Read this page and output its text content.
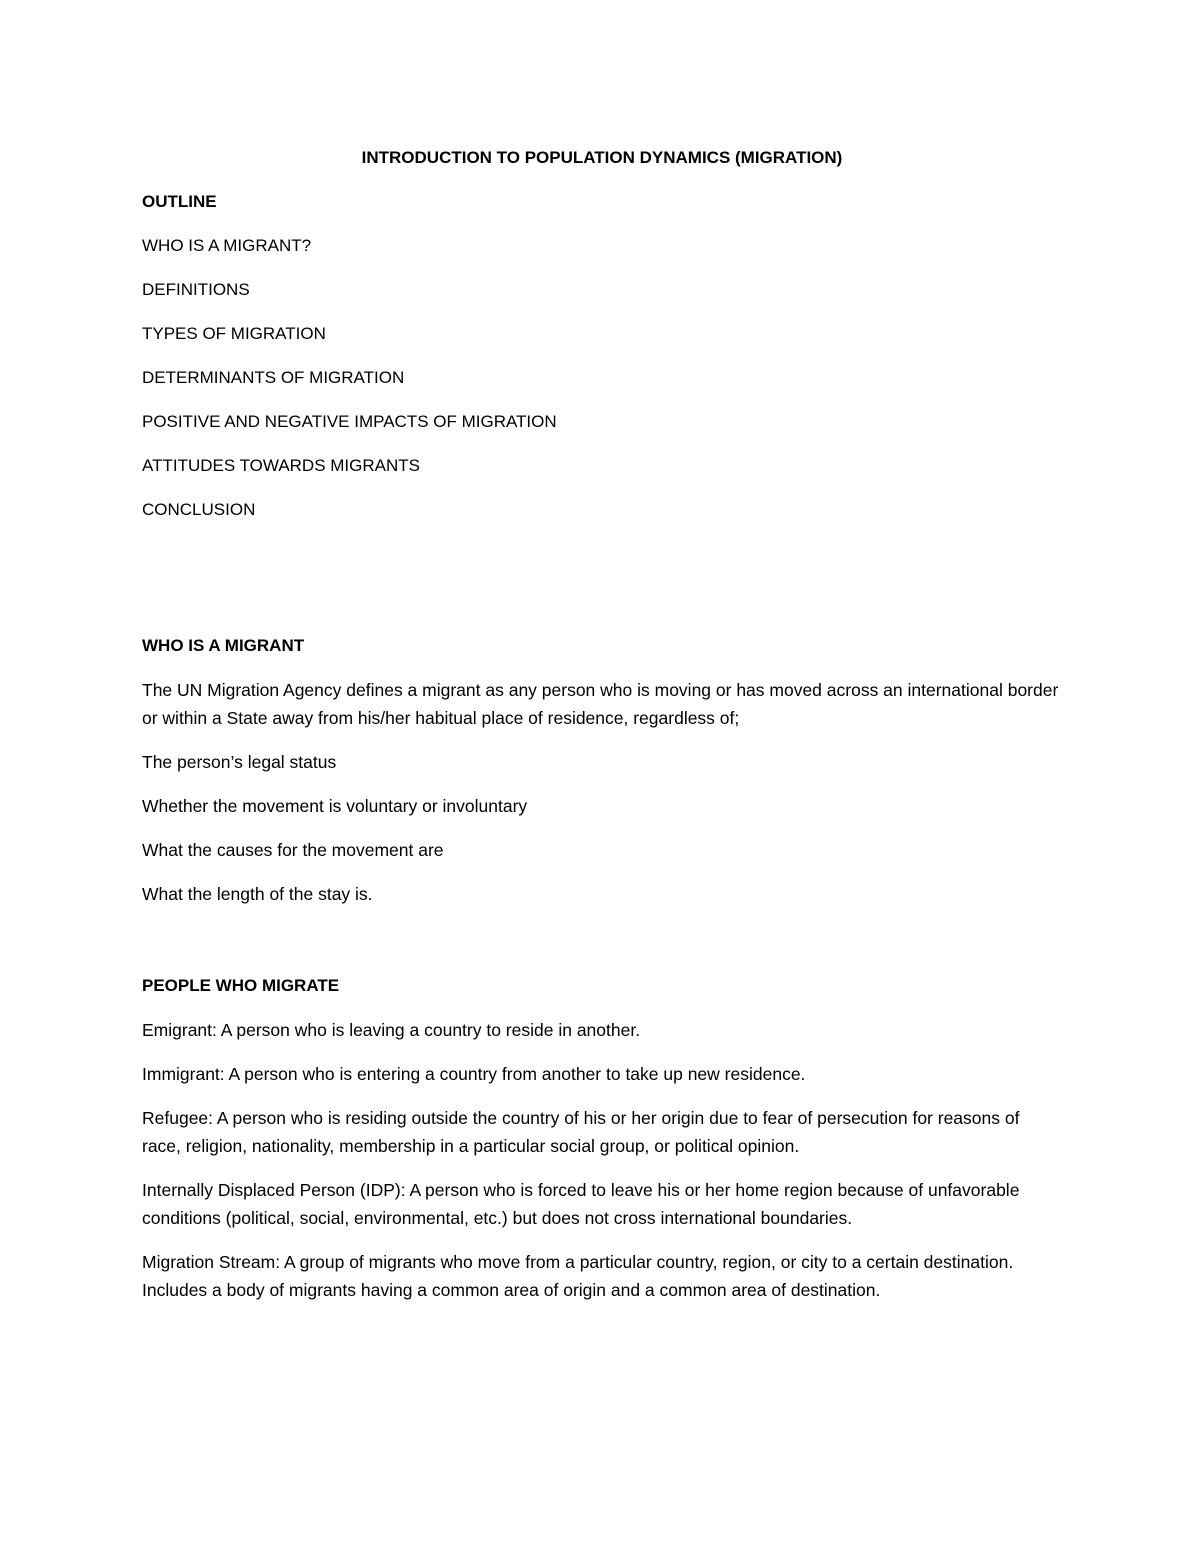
INTRODUCTION TO POPULATION DYNAMICS (MIGRATION)
OUTLINE
WHO IS A MIGRANT?
DEFINITIONS
TYPES OF MIGRATION
DETERMINANTS OF MIGRATION
POSITIVE AND NEGATIVE IMPACTS OF MIGRATION
ATTITUDES TOWARDS MIGRANTS
CONCLUSION
WHO IS A MIGRANT
The UN Migration Agency defines a migrant as any person who is moving or has moved across an international border or within a State away from his/her habitual place of residence, regardless of;
The person’s legal status
Whether the movement is voluntary or involuntary
What the causes for the movement are
What the length of the stay is.
PEOPLE WHO MIGRATE
Emigrant: A person who is leaving a country to reside in another.
Immigrant: A person who is entering a country from another to take up new residence.
Refugee: A person who is residing outside the country of his or her origin due to fear of persecution for reasons of race, religion, nationality, membership in a particular social group, or political opinion.
Internally Displaced Person (IDP): A person who is forced to leave his or her home region because of unfavorable conditions (political, social, environmental, etc.) but does not cross international boundaries.
Migration Stream: A group of migrants who move from a particular country, region, or city to a certain destination. Includes a body of migrants having a common area of origin and a common area of destination.
